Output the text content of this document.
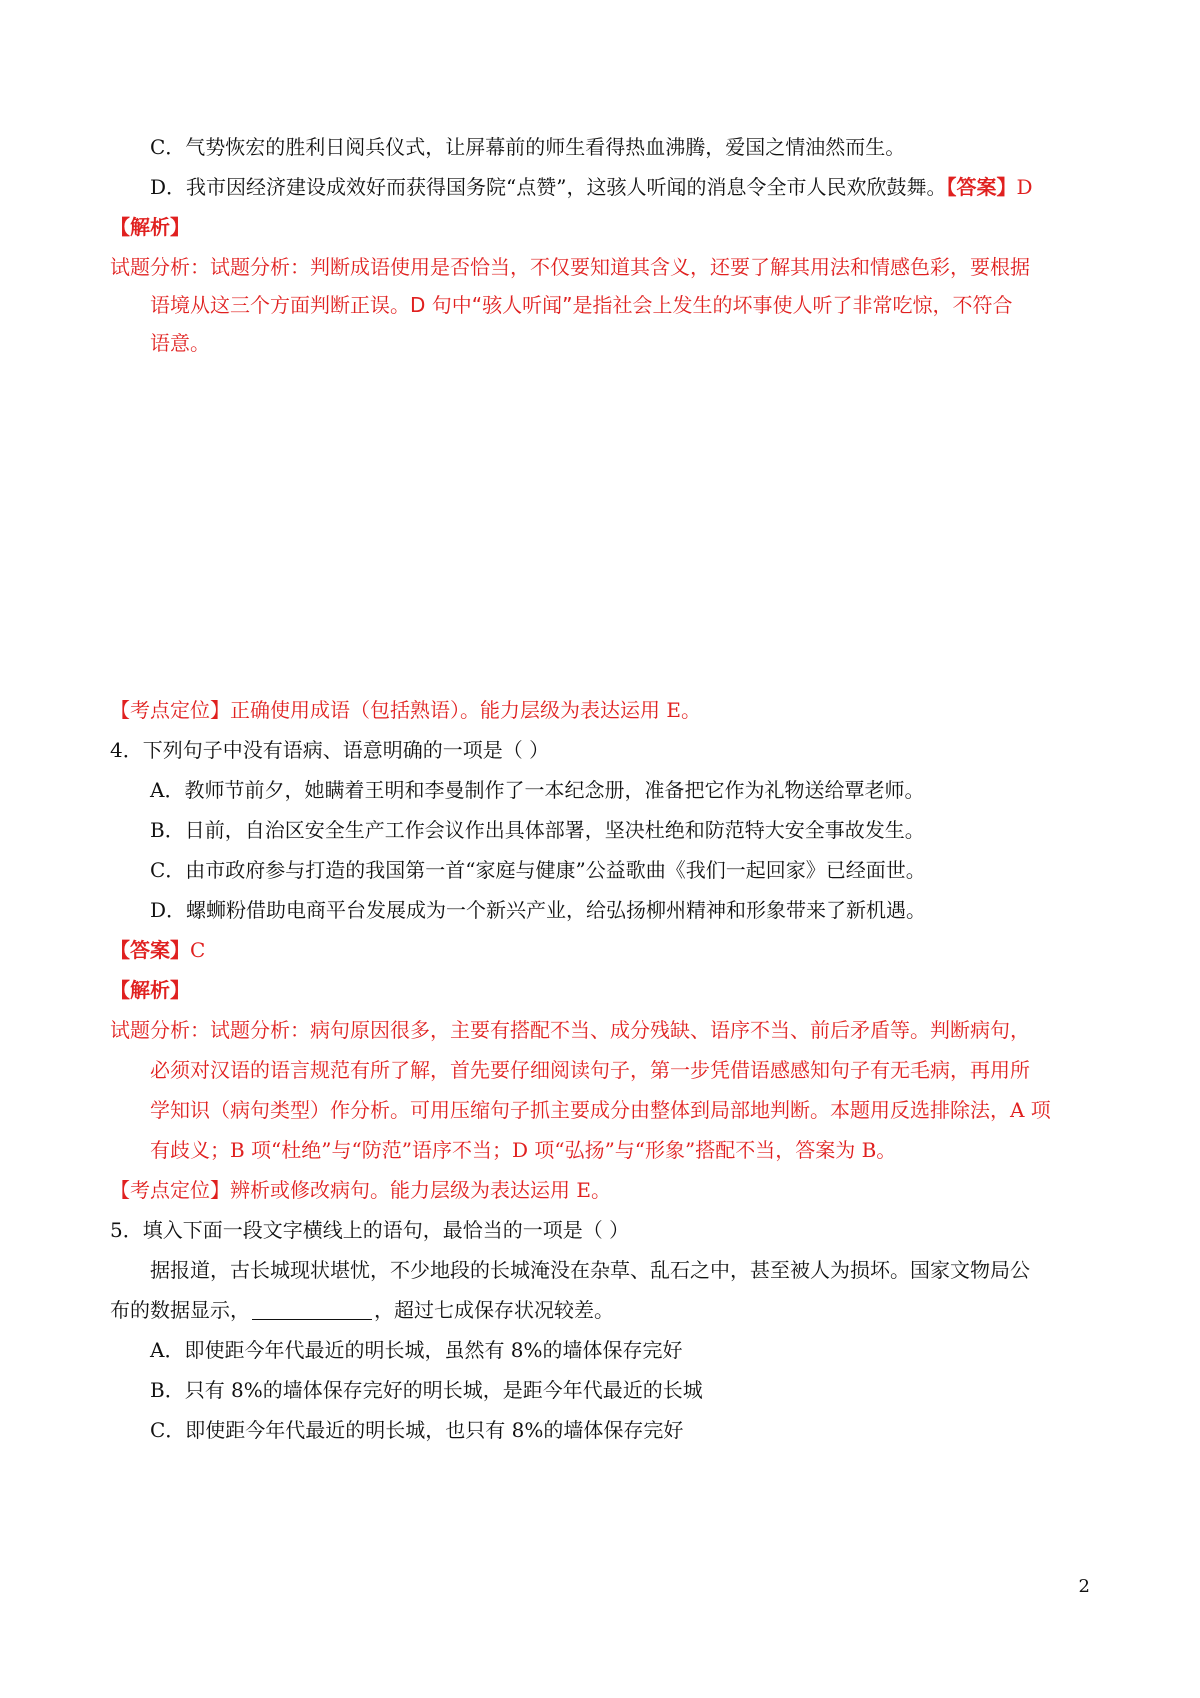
C．气势恢宏的胜利日阅兵仪式，让屏幕前的师生看得热血沸腾，爱国之情油然而生。
D．我市因经济建设成效好而获得国务院“点赞”，这骇人听闻的消息令全市人民欢欣鼓舞。【答案】D
【解析】
试题分析：试题分析：判断成语使用是否恰当，不仅要知道其含义，还要了解其用法和情感色彩，要根据
语境从这三个方面判断正误。D 句中“骇人听闻”是指社会上发生的坏事使人听了非常吃惊，不符合
语意。
【考点定位】正确使用成语（包括熟语）。能力层级为表达运用 E。
4．下列句子中没有语病、语意明确的一项是（ ）
A．教师节前夕，她瞒着王明和李曼制作了一本纪念册，准备把它作为礼物送给覃老师。
B．日前，自治区安全生产工作会议作出具体部署，坚决杜绝和防范特大安全事故发生。
C．由市政府参与打造的我国第一首“家庭与健康”公益歌曲《我们一起回家》已经面世。
D．螺蛳粉借助电商平台发展成为一个新兴产业，给弘扬柳州精神和形象带来了新机遇。
【答案】C
【解析】
试题分析：试题分析：病句原因很多，主要有搭配不当、成分残缺、语序不当、前后矛盾等。判断病句，
必须对汉语的语言规范有所了解，首先要仔细阅读句子，第一步凭借语感感知句子有无毛病，再用所
学知识（病句类型）作分析。可用压缩句子抓主要成分由整体到局部地判断。本题用反选排除法，A 项
有歧义；B 项“杜绝”与“防范”语序不当；D 项“弘扬”与“形象”搭配不当，答案为 B。
【考点定位】辨析或修改病句。能力层级为表达运用 E。
5．填入下面一段文字横线上的语句，最恰当的一项是（ ）
据报道，古长城现状堪忧，不少地段的长城淹没在杂草、乱石之中，甚至被人为损坏。国家文物局公
布的数据显示，	，超过七成保存状况较差。
A．即使距今年代最近的明长城，虽然有 8%的墙体保存完好
B．只有 8%的墙体保存完好的明长城，是距今年代最近的长城
C．即使距今年代最近的明长城，也只有 8%的墙体保存完好
2
